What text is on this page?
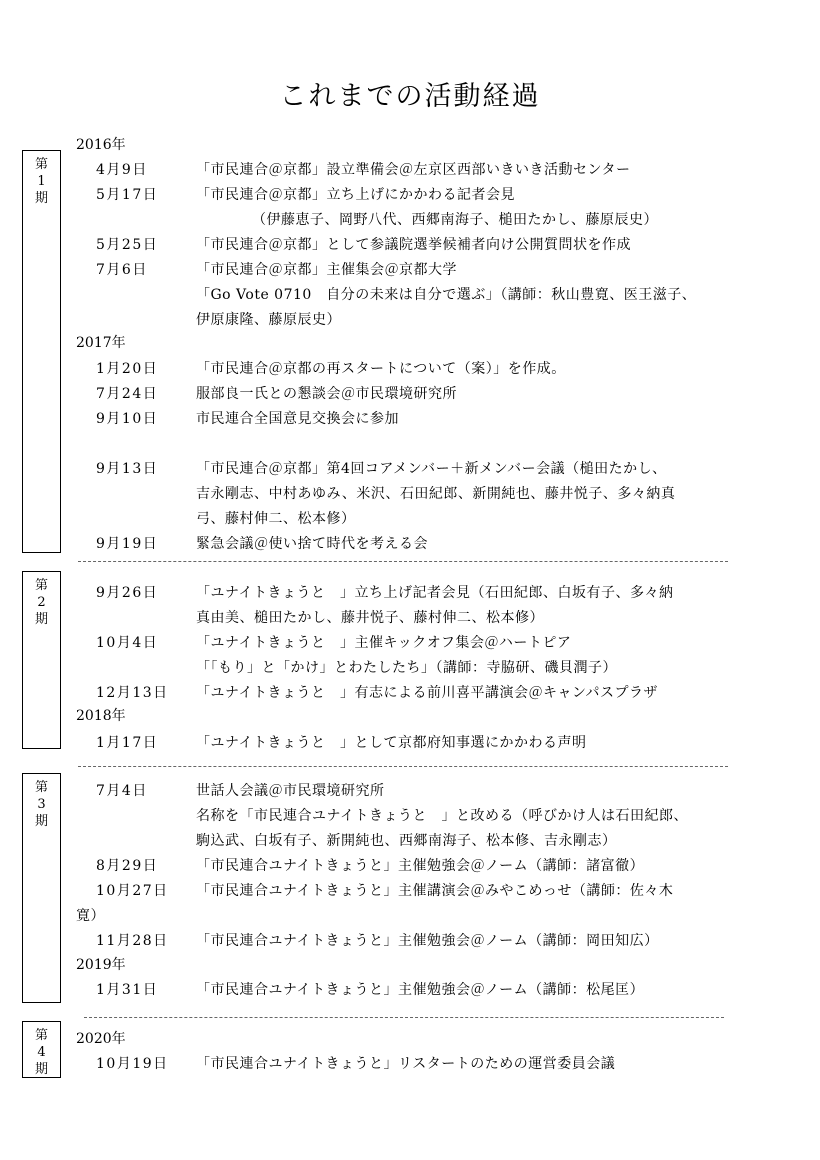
これまでの活動経過
第1期
第2期
第3期
第4期
2016年
2017年
2018年
2019年
2020年
4月9日	「市民連合＠京都」設立準備会＠左京区西部いきいき活動センター
5月17日	「市民連合＠京都」立ち上げにかかわる記者会見
（伊藤恵子、岡野八代、西郷南海子、槌田たかし、藤原辰史）
5月25日	「市民連合＠京都」として参議院選挙候補者向け公開質問状を作成
7月6日	「市民連合＠京都」主催集会＠京都大学
「Go Vote 0710　自分の未来は自分で選ぶ」（講師：秋山豊寛、医王滋子、
伊原康隆、藤原辰史）
1月20日	「市民連合＠京都の再スタートについて（案）」を作成。
7月24日	服部良一氏との懇談会＠市民環境研究所
9月10日	市民連合全国意見交換会に参加
9月13日	「市民連合＠京都」第4回コアメンバー＋新メンバー会議（槌田たかし、
吉永剛志、中村あゆみ、米沢、石田紀郎、新開純也、藤井悦子、多々納真
弓、藤村伸二、松本修）
9月19日	緊急会議＠使い捨て時代を考える会
9月26日	「ユナイトきょうと　」立ち上げ記者会見（石田紀郎、白坂有子、多々納
真由美、槌田たかし、藤井悦子、藤村伸二、松本修）
10月4日	「ユナイトきょうと　」主催キックオフ集会＠ハートピア
「「もり」と「かけ」とわたしたち」（講師：寺脇研、磯貝潤子）
12月13日 「ユナイトきょうと　」有志による前川喜平講演会＠キャンパスプラザ
1月17日	「ユナイトきょうと　」として京都府知事選にかかわる声明
7月4日	世話人会議＠市民環境研究所
名称を「市民連合ユナイトきょうと　」と改める（呼びかけ人は石田紀郎、
駒込武、白坂有子、新開純也、西郷南海子、松本修、吉永剛志）
8月29日	「市民連合ユナイトきょうと」主催勉強会＠ノーム（講師：諸富徹）
10月27日 「市民連合ユナイトきょうと」主催講演会＠みやこめっせ（講師：佐々木
寛）
11月28日 「市民連合ユナイトきょうと」主催勉強会＠ノーム（講師：岡田知広）
1月31日	「市民連合ユナイトきょうと」主催勉強会＠ノーム（講師：松尾匡）
10月19日 「市民連合ユナイトきょうと」リスタートのための運営委員会議
